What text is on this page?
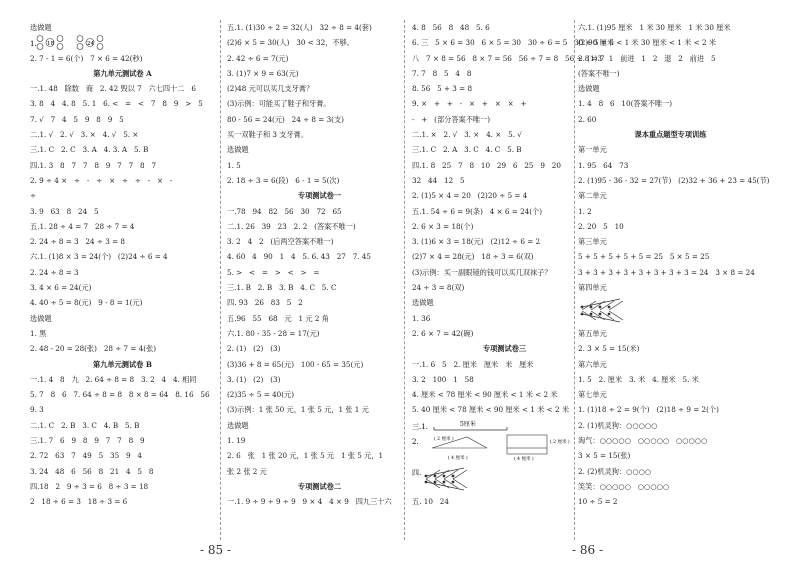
选做题
1. 18	24
2. 7 - 1 = 6(个)   7 × 6 = 42(秒)
第九单元测试卷 A
一.1. 48   除数   商   2. 42 毁以 7   六七四十二   6
3. 8   4   4. 8   5. 1   6. <   =   <   7   8   9   >   5
7. √   7   4   5   9   8   9   5
二.1. √   2. √   3. ×   4. √   5. ×
三.1. C   2. C   3. A   4. 3. A   5. B
四.1. 3   8   7   7   8   9   7   7   8   7
2. 9 ÷ 4 ×   ÷   -   ÷   ×   ÷   ÷   -   ×   -
÷
3. 9   63   8   24   5
五.1. 28 ÷ 4 = 7   28 ÷ 7 = 4
2. 24 ÷ 8 = 3   24 ÷ 3 = 8
六.1. (1)8 × 3 = 24(个)   (2)24 ÷ 6 = 4
2. 24 ÷ 8 = 3
3. 4 × 6 = 24(元)
4. 40 ÷ 5 = 8(元)   9 - 8 = 1(元)
选做题
1. 黑
2. 48 - 20 = 28(张)   28 ÷ 7 = 4(张)
第九单元测试卷 B
一.1. 4   8   九   2. 64 ÷ 8 = 8   3. 2   4   4. 相同
5. 7   8   6   7. 64 ÷ 8 = 8   8 × 8 = 64   8. 16   56
9. 3
二.1. C   2. B   3. C   4. B   5. B
三.1. 7   6   9   8   9   7   7   8   9
2. 72   63   7   49   5   35   9   4
3. 24   48   6   56   8   21   4   5   8
四.18   2   9 ÷ 3 = 6   8 ÷ 3 = 18
2   18 ÷ 6 = 3   18 ÷ 3 = 6
五.1. (1)30 ÷ 2 = 32(人)   32 ÷ 8 = 4(套)
(2)6 × 5 = 30(人)   30 < 32，不够。
2. 42 ÷ 6 = 7(元)
3. (1)7 × 9 = 63(元)
(2)48 元可以买几支牙膏？
(3)示例：可能买了鞋子和牙膏。
80 - 56 = 24(元)   24 ÷ 8 = 3(支)
买一双鞋子和 3 支牙膏。
选做题
1. 5
2. 18 ÷ 3 = 6(段)   6 - 1 = 5(次)
专项测试卷一
一.78   94   82   56   30   72   65
二.1. 26   39   23   2. 2   (答案不唯一)
3. 2   4   2   (后两空答案不唯一)
4. 60   4   90   1   4   5. 6. 43   27   7. 45
5. >   <   =   >   <   >   =
三.1. B   2. B   3. B   4. C   5. C
四. 93   26   83   5   2
五.96   55   68   元   1 元 2 角
六.1. 80 - 35 - 28 = 17(元)
2. (1)   (2)   (3)
(3)36 + 8 = 65(元)   100 - 65 = 35(元)
3. (1)   (2)   (3)
(2)35 ÷ 5 = 40(元)
(3)示例：1 张 50 元，1 张 5 元，1 张 1 元
选做题
1. 19
2. 6   张   1 张 20 元，1 张 5 元   1 张 5 元，1
张 2 张 2 元
专项测试卷二
一.1. 9 ÷ 9 ÷ 9 ÷ 9   9 × 4   4 × 9   四九三十六
4. 8   56   8   48   5. 6
6. 三   5 × 6 = 30   6 × 5 = 30   30 ÷ 6 = 5   30 ÷ 5 = 6
八   7 × 8 = 56   8 × 7 = 56   56 ÷ 7 = 8   56 ÷ 8 = 7
7. 7   8   5   4   8
8. 56   5 + 3 = 8
9. ×   +   +   -   ×   +   ×   ×   +
-   +   (部分答案不唯一)
二.1. ×   2. √   3. ×   4. ×   5. √
三.1. C   2. A   3. C   4. C   5. B
四.1. 8   25   7   8   10   29   6   25   9   20
32   44   12   5
2. (1)5 × 4 = 20   (2)20 ÷ 5 = 4
五.1. 54 ÷ 6 = 9(条)   4 × 6 = 24(个)
2. 6 × 3 = 18(个)
3. (1)6 × 3 = 18(元)   (2)12 ÷ 6 = 2
(2)7 × 4 = 28(元)   18 ÷ 3 = 6(双)
(3)示例：买一副眼镜的钱可以买几双袜子？
24 ÷ 3 = 8(双)
选做题
1. 36
2. 6 × 7 = 42(碗)
专项测试卷三
一.1. 6   5   2. 厘米   厘米   米   厘米
3. 2   100   1   58
4. 厘米 < 78 厘米 < 90 厘米 < 1 米 < 2 米
5. 40 厘米 < 78 厘米 < 90 厘米 < 1 米 < 2 米
三.1.	5厘米
2.	( 2 厘米 )
( 2 厘米 )
( 4 厘米 )	( 4 厘米 )
四.
五. 10   24
六.1. (1)95 厘米   1 米 30 厘米   1 米 30 厘米
(2)90 厘米 < 1 米 30 厘米 < 1 米 < 2 米
2. (1)3   1   前进   1   2   退   2   前进   5
(答案不唯一)
选做题
1. 4   8   6   10(答案不唯一)
2. 60
课本重点题型专项训练
第一单元
1. 95   64   73
2. (1)95 - 36 - 32 = 27(节)   (2)32 + 36 + 23 = 45(节)
第二单元
1. 2
2. 20   5   10
第三单元
5 + 5 + 5 + 5 + 5 = 25   5 × 5 = 25
3 + 3 + 3 + 3 + 3 + 3 + 3 + 3 = 24   3 × 8 = 24
第四单元
第五单元
2. 3 × 5 = 15(米)
第六单元
1. 5   2. 厘米   3. 米   4. 厘米   5. 米
第七单元
1. (1)18 ÷ 2 = 9(个)   (2)18 ÷ 9 = 2(个)
2. (1)机灵狗：○○○○○
淘气：○○○○○   ○○○○○   ○○○○○
3 × 5 = 15(张)
2. (2)机灵狗：○○○○
笑笑：○○○○○   ○○○○○
10 ÷ 5 = 2
- 85 -	- 86 -
